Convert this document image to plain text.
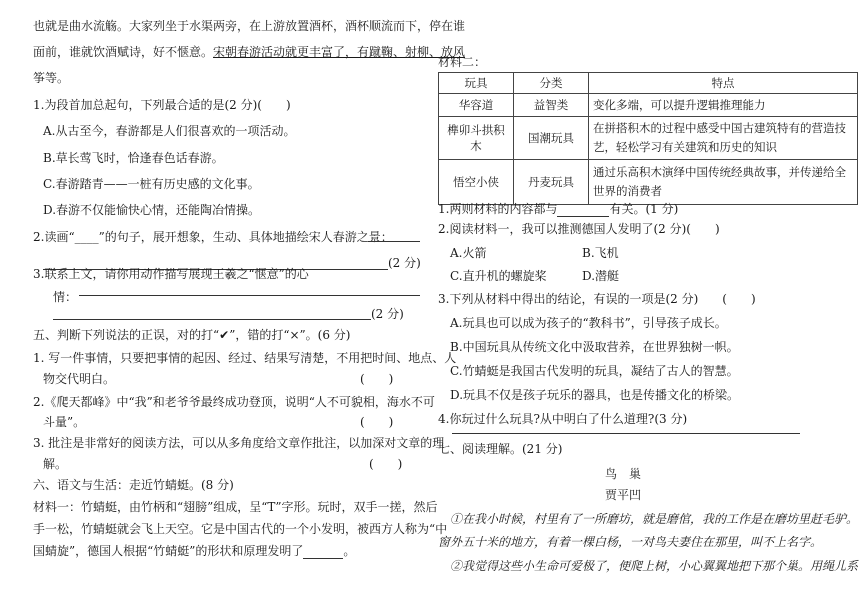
也就是曲水流觞。大家列坐于水渠两旁，在上游放置酒杯，酒杯顺流而下，停在谁
面前，谁就饮酒赋诗，好不惬意。宋朝春游活动就更丰富了，有蹴鞠、射柳、放风
筝等。
1.为段首加总起句，下列最合适的是(2 分)(　　)
A.从古至今，春游都是人们很喜欢的一项活动。
B.草长莺飞时，恰逢春色话春游。
C.春游踏青——一桩有历史感的文化事。
D.春游不仅能愉快心情，还能陶冶情操。
2.读画“____”的句子，展开想象，生动、具体地描绘宋人春游之景：
(2 分)
3.联系上文，请你用动作描写展现王羲之“惬意”的心
情：
(2 分)
五、判断下列说法的正误，对的打“✔”，错的打“×”。(6 分)
1. 写一件事情，只要把事情的起因、经过、结果写清楚，不用把时间、地点、人
物交代明白。	(　　)
2.《爬天都峰》中“我”和老爷爷最终成功登顶，说明“人不可貌相，海水不可
斗量”。	(　　)
3. 批注是非常好的阅读方法，可以从多角度给文章作批注，以加深对文章的理
解。	(　　)
六、语文与生活：走近竹蜻蜓。(8 分)
材料一：竹蜻蜓，由竹柄和“翅膀”组成，呈“T”字形。玩时，双手一搓，然后
手一松，竹蜻蜓就会飞上天空。它是中国古代的一个小发明，被西方人称为“中
国蜻旋”，德国人根据“竹蜻蜓”的形状和原理发明了	。
材料二：
玩具	分类	特点
华容道	益智类	变化多端，可以提升逻辑推理能力
榫卯斗拱积木	国潮玩具	在拼搭积木的过程中感受中国古建筑特有的营造技
艺，轻松学习有关建筑和历史的知识

悟空小侠	丹麦玩具	通过乐高积木演绎中国传统经典故事，并传递给全
世界的消费者
1.两则材料的内容都与	有关。(1 分)
2.阅读材料一，我可以推测德国人发明了(2 分)(　　)
A.火箭	B.飞机
C.直升机的螺旋桨	D.潜艇
3.下列从材料中得出的结论，有误的一项是(2 分)　　(　　)
A.玩具也可以成为孩子的“教科书”，引导孩子成长。
B.中国玩具从传统文化中汲取营养，在世界独树一帜。
C.竹蜻蜓是我国古代发明的玩具，凝结了古人的智慧。
D.玩具不仅是孩子玩乐的器具，也是传播文化的桥梁。
4.你玩过什么玩具?从中明白了什么道理?(3 分)
七、阅读理解。(21 分)
鸟　巢
贾平凹
①在我小时候，村里有了一所磨坊，就是磨倌，我的工作是在磨坊里赶毛驴。
窗外五十米的地方，有着一棵白杨，一对鸟夫妻住在那里，叫不上名字。
②我觉得这些小生命可爱极了，便爬上树，小心翼翼地把下那个巢。用绳儿系
